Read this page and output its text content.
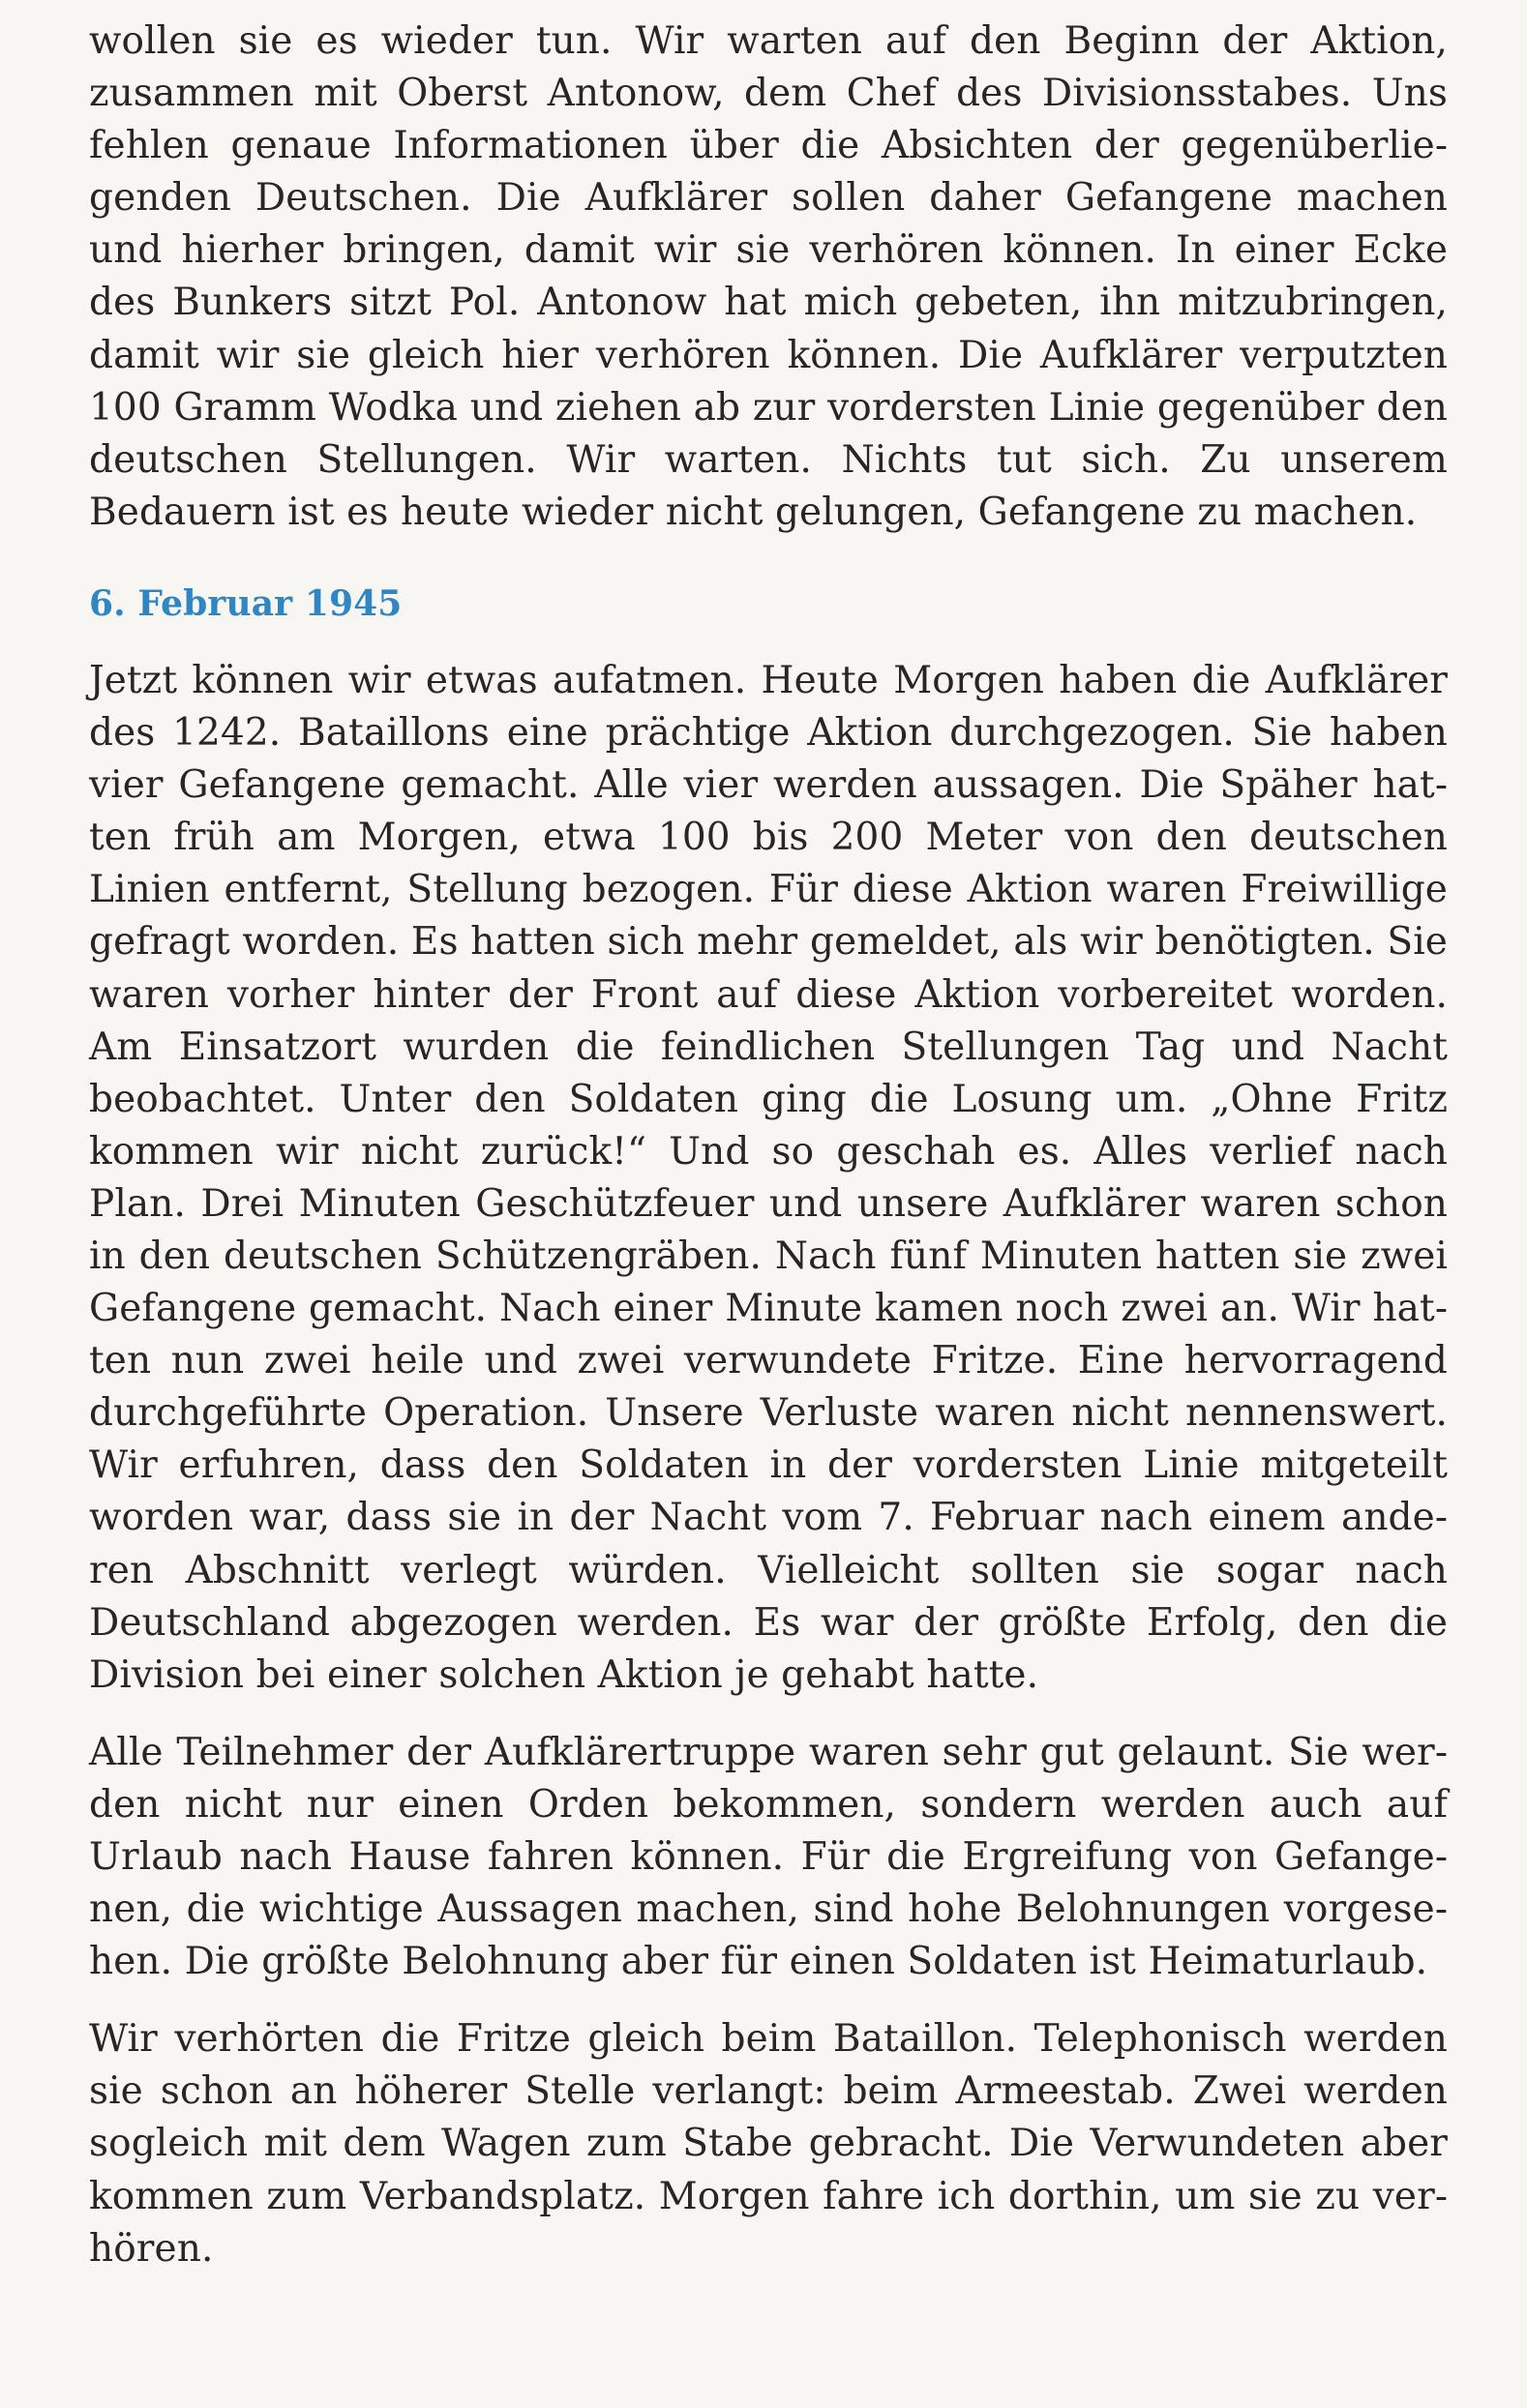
wollen sie es wieder tun. Wir warten auf den Beginn der Aktion, zusammen mit Oberst Antonow, dem Chef des Divisionsstabes. Uns fehlen genaue Informationen über die Absichten der gegenüberliegenden Deutschen. Die Aufklärer sollen daher Gefangene machen und hierher bringen, damit wir sie verhören können. In einer Ecke des Bunkers sitzt Pol. Antonow hat mich gebeten, ihn mitzubringen, damit wir sie gleich hier verhören können. Die Aufklärer verputzten 100 Gramm Wodka und ziehen ab zur vordersten Linie gegenüber den deutschen Stellungen. Wir warten. Nichts tut sich. Zu unserem Bedauern ist es heute wieder nicht gelungen, Gefangene zu machen.

6. Februar 1945

Jetzt können wir etwas aufatmen. Heute Morgen haben die Aufklärer des 1242. Bataillons eine prächtige Aktion durchgezogen. Sie haben vier Gefangene gemacht. Alle vier werden aussagen. Die Späher hatten früh am Morgen, etwa 100 bis 200 Meter von den deutschen Linien entfernt, Stellung bezogen. Für diese Aktion waren Freiwillige gefragt worden. Es hatten sich mehr gemeldet, als wir benötigten. Sie waren vorher hinter der Front auf diese Aktion vorbereitet worden. Am Einsatzort wurden die feindlichen Stellungen Tag und Nacht beobachtet. Unter den Soldaten ging die Losung um. „Ohne Fritz kommen wir nicht zurück!“ Und so geschah es. Alles verlief nach Plan. Drei Minuten Geschützfeuer und unsere Aufklärer waren schon in den deutschen Schützengräben. Nach fünf Minuten hatten sie zwei Gefangene gemacht. Nach einer Minute kamen noch zwei an. Wir hatten nun zwei heile und zwei verwundete Fritze. Eine hervorragend durchgeführte Operation. Unsere Verluste waren nicht nennenswert. Wir erfuhren, dass den Soldaten in der vordersten Linie mitgeteilt worden war, dass sie in der Nacht vom 7. Februar nach einem anderen Abschnitt verlegt würden. Vielleicht sollten sie sogar nach Deutschland abgezogen werden. Es war der größte Erfolg, den die Division bei einer solchen Aktion je gehabt hatte.

Alle Teilnehmer der Aufklärertruppe waren sehr gut gelaunt. Sie werden nicht nur einen Orden bekommen, sondern werden auch auf Urlaub nach Hause fahren können. Für die Ergreifung von Gefangenen, die wichtige Aussagen machen, sind hohe Belohnungen vorgesehen. Die größte Belohnung aber für einen Soldaten ist Heimaturlaub.

Wir verhörten die Fritze gleich beim Bataillon. Telephonisch werden sie schon an höherer Stelle verlangt: beim Armeestab. Zwei werden sogleich mit dem Wagen zum Stabe gebracht. Die Verwundeten aber kommen zum Verbandsplatz. Morgen fahre ich dorthin, um sie zu verhören.
